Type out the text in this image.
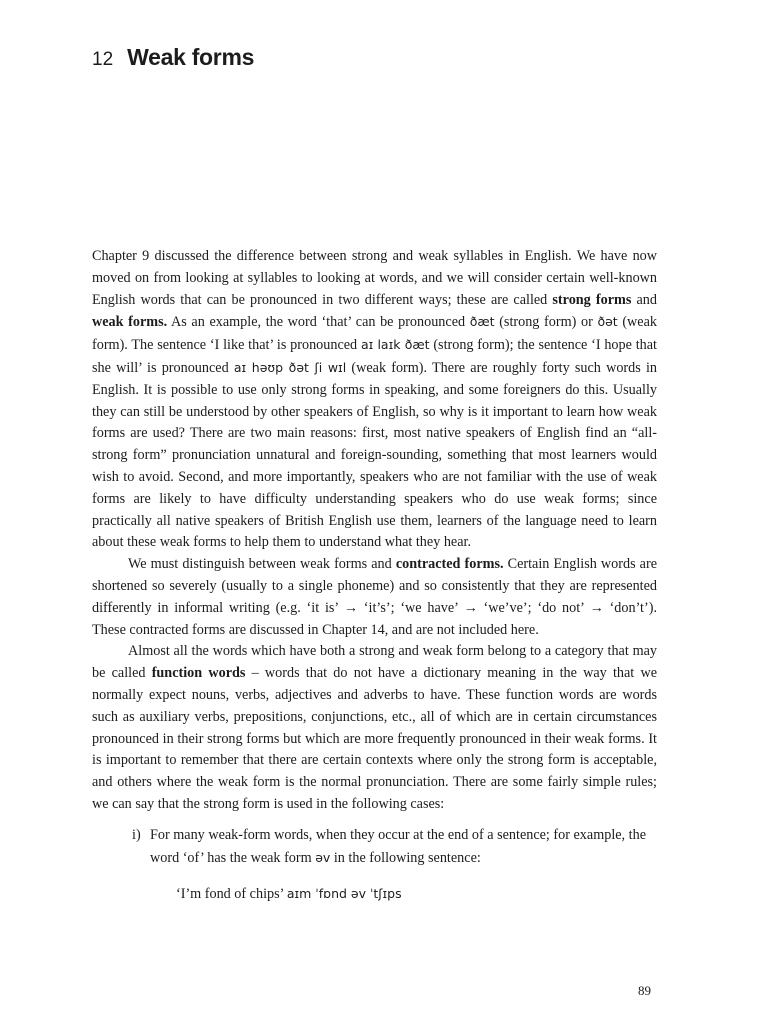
12 Weak forms

Chapter 9 discussed the difference between strong and weak syllables in English. We have now moved on from looking at syllables to looking at words, and we will consider certain well-known English words that can be pronounced in two different ways; these are called strong forms and weak forms. As an example, the word ‘that’ can be pronounced ðæt (strong form) or ðət (weak form). The sentence ‘I like that’ is pronounced aɪ laɪk ðæt (strong form); the sentence ‘I hope that she will’ is pronounced aɪ həʊp ðət ʃi wɪl (weak form). There are roughly forty such words in English. It is possible to use only strong forms in speaking, and some foreigners do this. Usually they can still be understood by other speakers of English, so why is it important to learn how weak forms are used? There are two main reasons: first, most native speakers of English find an “all-strong form” pronunciation unnatural and foreign-sounding, something that most learners would wish to avoid. Second, and more importantly, speakers who are not familiar with the use of weak forms are likely to have difficulty understanding speakers who do use weak forms; since practically all native speakers of British English use them, learners of the language need to learn about these weak forms to help them to understand what they hear.

We must distinguish between weak forms and contracted forms. Certain English words are shortened so severely (usually to a single phoneme) and so consistently that they are represented differently in informal writing (e.g. ‘it is’ → ‘it’s’; ‘we have’ → ‘we’ve’; ‘do not’ → ‘don’t’). These contracted forms are discussed in Chapter 14, and are not included here.

Almost all the words which have both a strong and weak form belong to a category that may be called function words – words that do not have a dictionary meaning in the way that we normally expect nouns, verbs, adjectives and adverbs to have. These function words are words such as auxiliary verbs, prepositions, conjunctions, etc., all of which are in certain circumstances pronounced in their strong forms but which are more frequently pronounced in their weak forms. It is important to remember that there are certain contexts where only the strong form is acceptable, and others where the weak form is the normal pronunciation. There are some fairly simple rules; we can say that the strong form is used in the following cases:

i) For many weak-form words, when they occur at the end of a sentence; for example, the word ‘of’ has the weak form əv in the following sentence:

‘I’m fond of chips’ aɪm ˈfɒnd əv ˈtʃɪps

89
